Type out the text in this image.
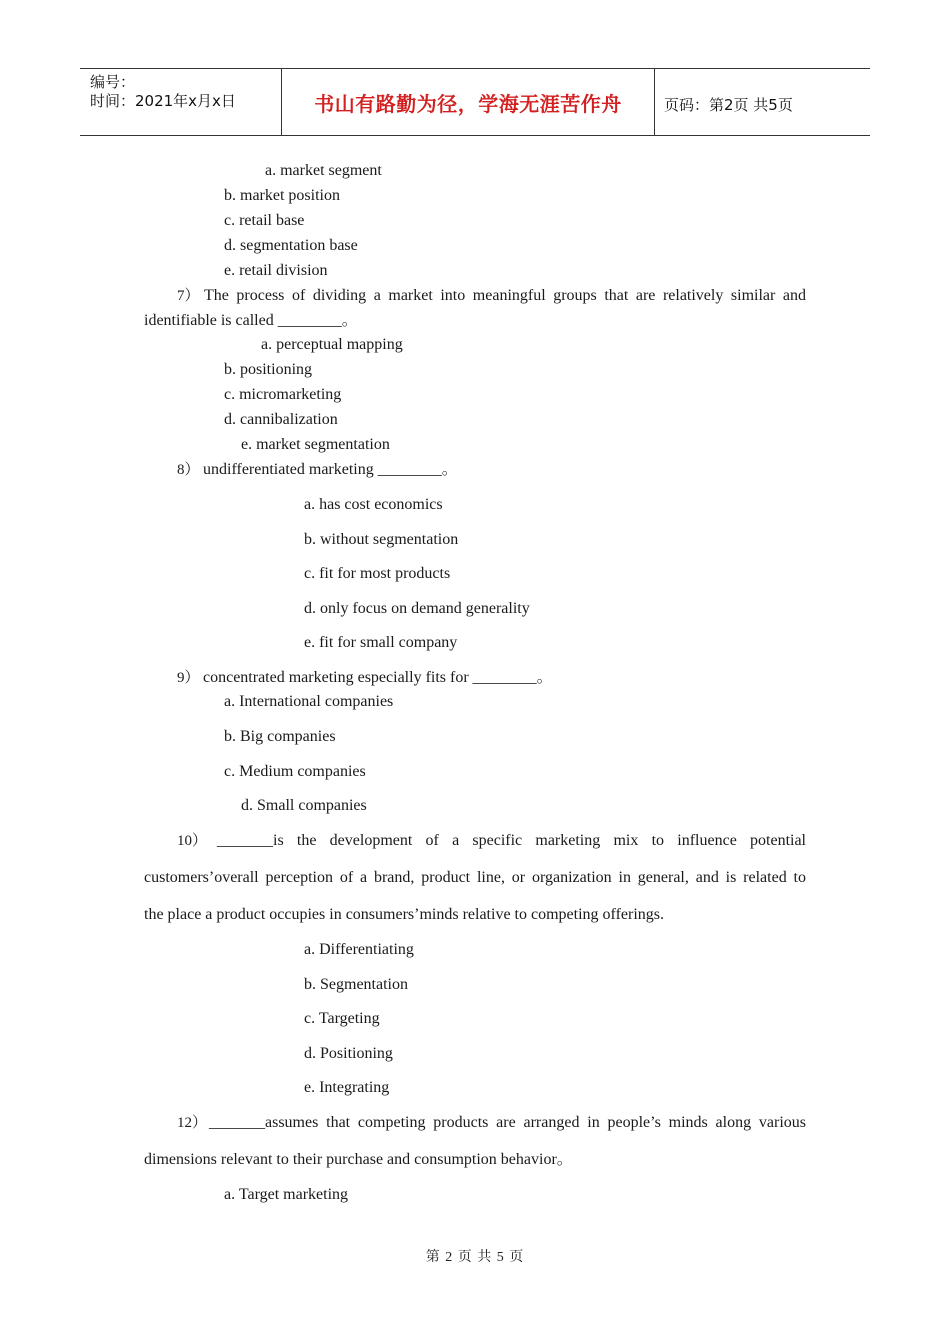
编号：
时间：2021年x月x日	书山有路勤为径，学海无涯苦作舟	页码：第2页 共5页
a. market segment
b. market position
c. retail base
d. segmentation base
e. retail division
7） The process of dividing a market into meaningful groups that are relatively similar and
identifiable is called ________。
a. perceptual mapping
b. positioning
c. micromarketing
d. cannibalization
e. market segmentation
8） undifferentiated marketing ________。
a. has cost economics
b. without segmentation
c. fit for most products
d. only focus on demand generality
e. fit for small company
9） concentrated marketing especially fits for ________。
a. International companies
b. Big companies
c. Medium companies
d. Small companies
10） _______is the development of a specific marketing mix to influence potential
customers’overall perception of a brand, product line, or organization in general, and is related to
the place a product occupies in consumers’minds relative to competing offerings.
a. Differentiating
b. Segmentation
c. Targeting
d. Positioning
e. Integrating
12） _______assumes that competing products are arranged in people’s minds along various
dimensions relevant to their purchase and consumption behavior。
a. Target marketing
第 2 页 共 5 页
